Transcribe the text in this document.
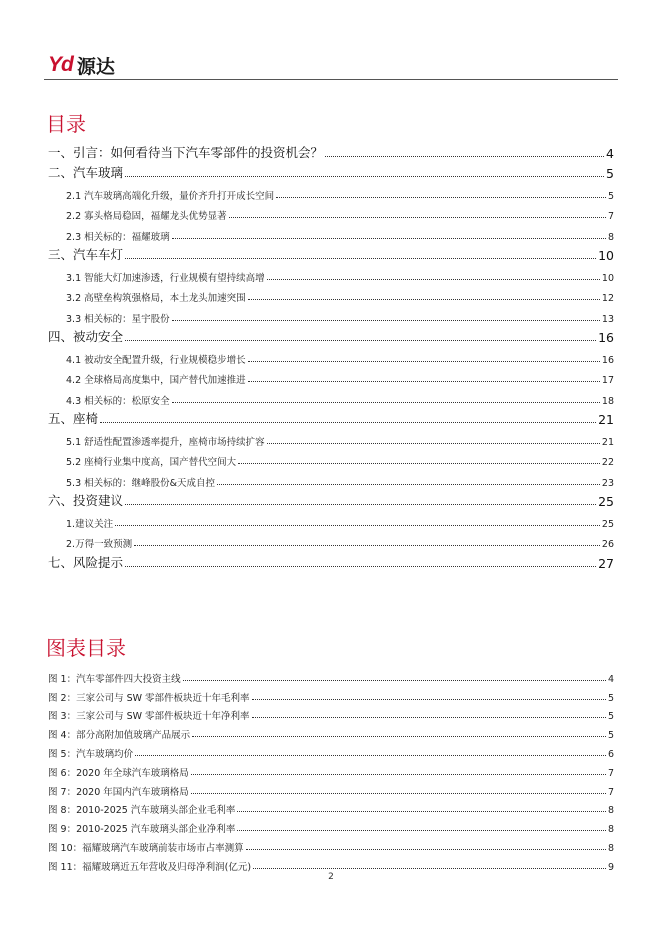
Yd 源达
目录
一、引言：如何看待当下汽车零部件的投资机会？	4
二、汽车玻璃	5
2.1 汽车玻璃高端化升级，量价齐升打开成长空间	5
2.2 寡头格局稳固，福耀龙头优势显著	7
2.3 相关标的：福耀玻璃	8
三、汽车车灯	10
3.1 智能大灯加速渗透，行业规模有望持续高增	10
3.2 高壁垒构筑强格局，本土龙头加速突围	12
3.3 相关标的：星宇股份	13
四、被动安全	16
4.1 被动安全配置升级，行业规模稳步增长	16
4.2 全球格局高度集中，国产替代加速推进	17
4.3 相关标的：松原安全	18
五、座椅	21
5.1 舒适性配置渗透率提升，座椅市场持续扩容	21
5.2 座椅行业集中度高，国产替代空间大	22
5.3 相关标的：继峰股份&天成自控	23
六、投资建议	25
1.建议关注	25
2.万得一致预测	26
七、风险提示	27
图表目录
图 1：汽车零部件四大投资主线	4
图 2：三家公司与 SW 零部件板块近十年毛利率	5
图 3：三家公司与 SW 零部件板块近十年净利率	5
图 4：部分高附加值玻璃产品展示	5
图 5：汽车玻璃均价	6
图 6：2020 年全球汽车玻璃格局	7
图 7：2020 年国内汽车玻璃格局	7
图 8：2010-2025 汽车玻璃头部企业毛利率	8
图 9：2010-2025 汽车玻璃头部企业净利率	8
图 10：福耀玻璃汽车玻璃前装市场市占率测算	8
图 11：福耀玻璃近五年营收及归母净利润(亿元)	9
2
